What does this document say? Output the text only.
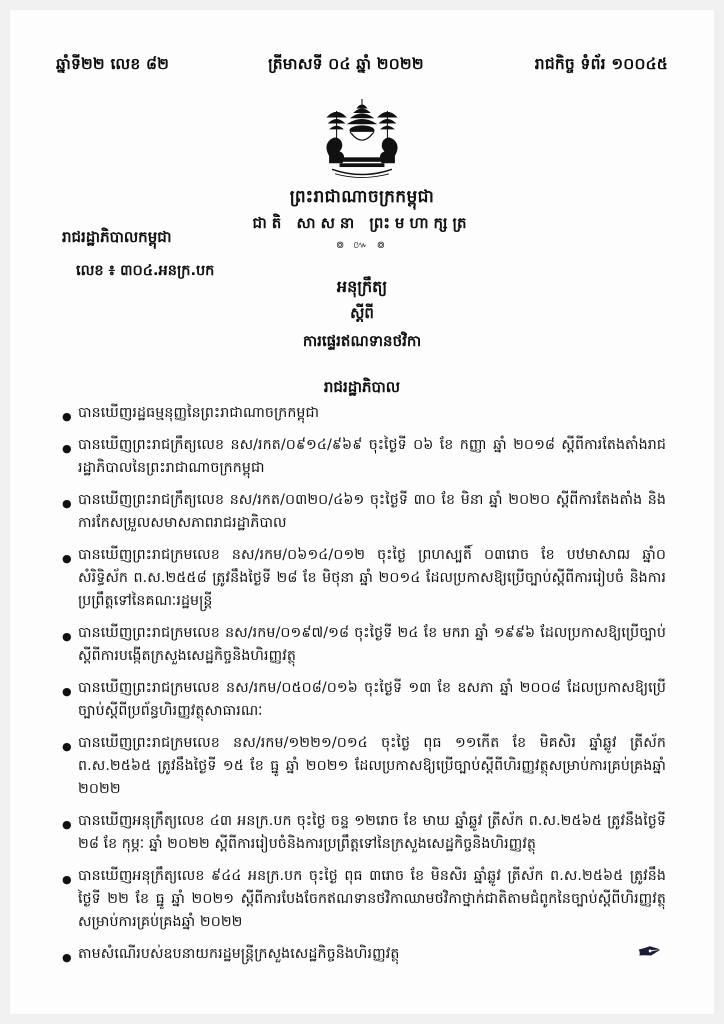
ឆ្នាំទី២២ លេខ ៨២	ត្រីមាសទី ០៤ ឆ្នាំ ២០២២	រាជកិច្ច ទំព័រ ១០០៤៥
ព្រះរាជាណាចក្រកម្ពុជា
ជាតិ សាសនា ព្រះមហាក្សត្រ
៙ ៚ ៙
រាជរដ្ឋាភិបាលកម្ពុជា
លេខ ៖ ៣០៤.អនក្រ.បក
អនុក្រឹត្យ
ស្ដីពី
ការផ្ទេរឥណទានថវិកា
រាជរដ្ឋាភិបាល
● បានឃើញរដ្ឋធម្មនុញ្ញនៃព្រះរាជាណាចក្រកម្ពុជា
● បានឃើញព្រះរាជក្រឹត្យលេខ នស/រកត/០៩១៤/៩៦៩ ចុះថ្ងៃទី ០៦ ខែ កញ្ញា ឆ្នាំ ២០១៨ ស្ដីពីការតែងតាំងរាជរដ្ឋាភិបាលនៃព្រះរាជាណាចក្រកម្ពុជា
● បានឃើញព្រះរាជក្រឹត្យលេខ នស/រកត/០៣២០/៤៦១ ចុះថ្ងៃទី ៣០ ខែ មិនា ឆ្នាំ ២០២០ ស្ដីពីការតែងតាំង និងការកែសម្រួលសមាសភាពរាជរដ្ឋាភិបាល
● បានឃើញព្រះរាជក្រមលេខ នស/រកម/០៦១៤/០១២ ចុះថ្ងៃ ព្រហស្បតិ៍ ០៣រោច ខែ បឋមាសាឍ ឆ្នាំ០ សំរិទ្ធិស័ក ព.ស.២៥៥៨ ត្រូវនឹងថ្ងៃទី ២៨ ខែ មិថុនា ឆ្នាំ ២០១៤ ដែលប្រកាសឱ្យប្រើច្បាប់ស្ដីពីការរៀបចំ និងការប្រព្រឹត្តទៅនៃគណៈរដ្ឋមន្ត្រី
● បានឃើញព្រះរាជក្រមលេខ នស/រកម/០១៩៧/១៨ ចុះថ្ងៃទី ២៤ ខែ មករា ឆ្នាំ ១៩៩៦ ដែលប្រកាសឱ្យប្រើច្បាប់ស្ដីពីការបង្កើតក្រសួងសេដ្ឋកិច្ចនិងហិរញ្ញវត្ថុ
● បានឃើញព្រះរាជក្រមលេខ នស/រកម/០៥០៨/០១៦ ចុះថ្ងៃទី ១៣ ខែ ឧសភា ឆ្នាំ ២០០៨ ដែលប្រកាសឱ្យប្រើច្បាប់ស្ដីពីប្រព័ន្ធហិរញ្ញវត្ថុសាធារណៈ
● បានឃើញព្រះរាជក្រមលេខ នស/រកម/១២២១/០១៤ ចុះថ្ងៃ ពុធ ១១កើត ខែ មិគសិរ ឆ្នាំឆ្លូវ ត្រីស័ក ព.ស.២៥៦៥ ត្រូវនឹងថ្ងៃទី ១៥ ខែ ធ្នូ ឆ្នាំ ២០២១ ដែលប្រកាសឱ្យប្រើច្បាប់ស្ដីពីហិរញ្ញវត្ថុសម្រាប់ការគ្រប់គ្រងឆ្នាំ ២០២២
● បានឃើញអនុក្រឹត្យលេខ ៤៣ អនក្រ.បក ចុះថ្ងៃ ចន្ទ ១២រោច ខែ មាឃ ឆ្នាំឆ្លូវ ត្រីស័ក ព.ស.២៥៦៥ ត្រូវនឹងថ្ងៃទី ២៨ ខែ កុម្ភៈ ឆ្នាំ ២០២២ ស្ដីពីការរៀបចំនិងការប្រព្រឹត្តទៅនៃក្រសួងសេដ្ឋកិច្ចនិងហិរញ្ញវត្ថុ
● បានឃើញអនុក្រឹត្យលេខ ៩៤៤ អនក្រ.បក ចុះថ្ងៃ ពុធ ៣រោច ខែ មិនសិរ ឆ្នាំឆ្លូវ ត្រីស័ក ព.ស.២៥៦៥ ត្រូវនឹងថ្ងៃទី ២២ ខែ ធ្នូ ឆ្នាំ ២០២១ ស្ដីពីការបែងចែកឥណទានថវិកាឈាមថវិកាថ្នាក់ជាតិតាមជំពូកនៃច្បាប់ស្ដីពីហិរញ្ញវត្ថុសម្រាប់ការគ្រប់គ្រងឆ្នាំ ២០២២
● តាមសំណើរបស់ឧបនាយករដ្ឋមន្ត្រីក្រសួងសេដ្ឋកិច្ចនិងហិរញ្ញវត្ថុ	✒
